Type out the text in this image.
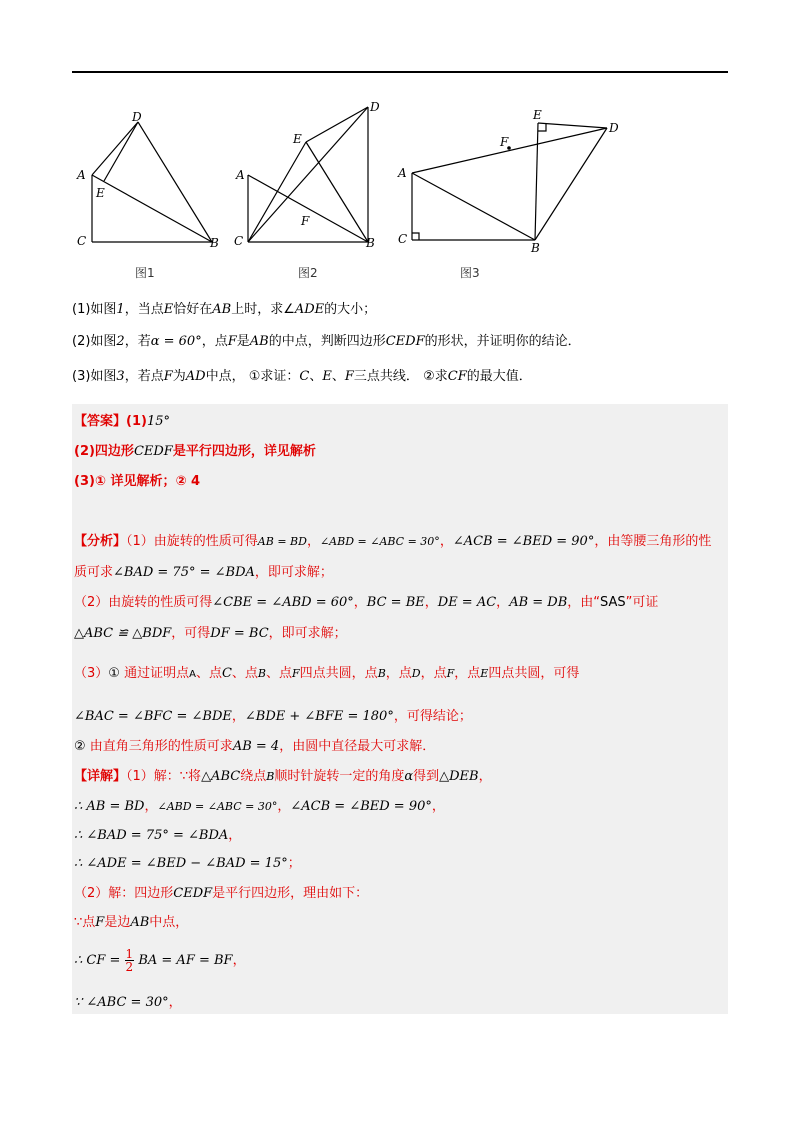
D
A
E
C	B
D
E
A
F
C	B
E
D
F
A
C
B
图1	图2	图3
(1)如图1，当点E恰好在AB上时，求∠ADE的大小；
(2)如图2，若α = 60°，点F是AB的中点，判断四边形CEDF的形状，并证明你的结论．
(3)如图3，若点F为AD中点， ①求证：C、E、F三点共线． ②求CF的最大值．
【答案】(1)15°
(2)四边形CEDF是平行四边形，详见解析
(3)① 详见解析；② 4
【分析】（1）由旋转的性质可得AB = BD，∠ABD = ∠ABC = 30°，∠ACB = ∠BED = 90°，由等腰三角形的性
质可求∠BAD = 75° = ∠BDA，即可求解；
（2）由旋转的性质可得∠CBE = ∠ABD = 60°，BC = BE，DE = AC，AB = DB，由“SAS”可证
△ABC ≌ △BDF，可得DF = BC，即可求解；
（3）① 通过证明点A、点C、点B、点F四点共圆，点B，点D，点F，点E四点共圆，可得
∠BAC = ∠BFC = ∠BDE，∠BDE + ∠BFE = 180°，可得结论；
② 由直角三角形的性质可求AB = 4，由圆中直径最大可求解．
【详解】（1）解：∵将△ABC绕点B顺时针旋转一定的角度α得到△DEB，
∴ AB = BD，∠ABD = ∠ABC = 30°，∠ACB = ∠BED = 90°，
∴ ∠BAD = 75° = ∠BDA，
∴ ∠ADE = ∠BED − ∠BAD = 15°；
（2）解：四边形CEDF是平行四边形，理由如下：
∵点F是边AB中点，
∴ CF = $\frac{1}{2}$ BA = AF = BF，
∵ ∠ABC = 30°，
